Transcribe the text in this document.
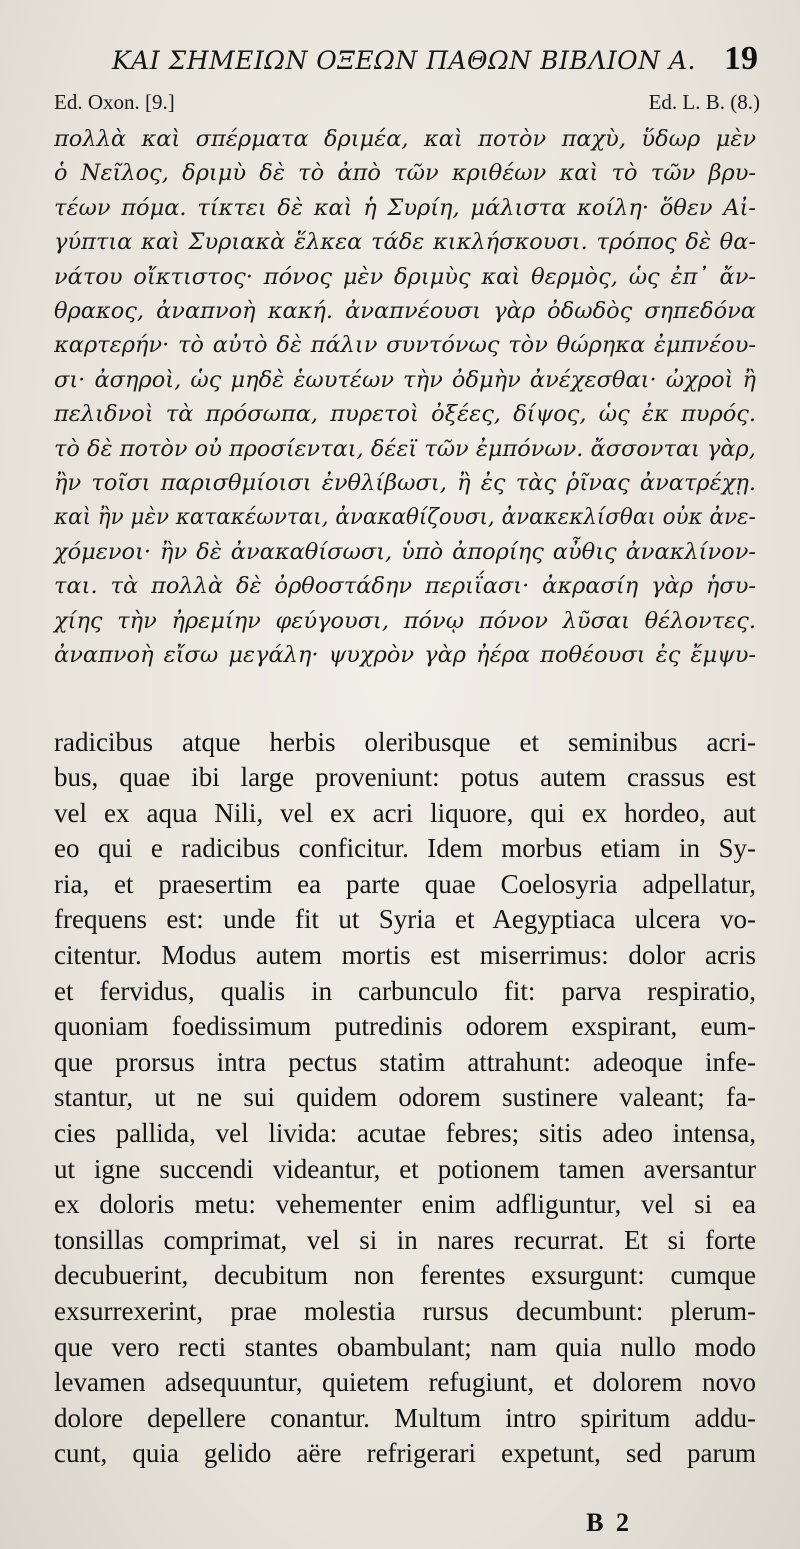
ΚΑΙ ΣΗΜΕΙΩΝ ΟΞΕΩΝ ΠΑΘΩΝ ΒΙΒΛΙΟΝ Α. 19
Ed. Oxon. [9.]	Ed. L. B. (8.)
πολλὰ καὶ σπέρματα δριμέα, καὶ ποτὸν παχὺ, ὕδωρ μὲν
ὁ Νεῖλος, δριμὺ δὲ τὸ ἀπὸ τῶν κριθέων καὶ τὸ τῶν βρυ-
τέων πόμα. τίκτει δὲ καὶ ἡ Συρίη, μάλιστα κοίλη· ὅθεν Αἰ-
γύπτια καὶ Συριακὰ ἕλκεα τάδε κικλήσκουσι. τρόπος δὲ θα-
νάτου οἴκτιστος· πόνος μὲν δριμὺς καὶ θερμὸς, ὡς ἐπ᾽ ἄν-
θρακος, ἀναπνοὴ κακή. ἀναπνέουσι γὰρ ὀδωδὸς σηπεδόνα
καρτερήν· τὸ αὐτὸ δὲ πάλιν συντόνως τὸν θώρηκα ἐμπνέου-
σι· ἀσηροὶ, ὡς μηδὲ ἑωυτέων τὴν ὀδμὴν ἀνέχεσθαι· ὠχροὶ ἢ
πελιδνοὶ τὰ πρόσωπα, πυρετοὶ ὀξέες, δίψος, ὡς ἐκ πυρός.
τὸ δὲ ποτὸν οὐ προσίενται, δέεϊ τῶν ἐμπόνων. ἄσσονται γὰρ,
ἢν τοῖσι παρισθμίοισι ἐνθλίβωσι, ἢ ἐς τὰς ῥῖνας ἀνατρέχῃ.
καὶ ἢν μὲν κατακέωνται, ἀνακαθίζουσι, ἀνακεκλίσθαι οὐκ ἀνε-
χόμενοι· ἢν δὲ ἀνακαθίσωσι, ὑπὸ ἀπορίης αὖθις ἀνακλίνον-
ται. τὰ πολλὰ δὲ ὀρθοστάδην περιΐασι· ἀκρασίη γὰρ ἡσυ-
χίης τὴν ἠρεμίην φεύγουσι, πόνῳ πόνον λῦσαι θέλοντες.
ἀναπνοὴ εἴσω μεγάλη· ψυχρὸν γὰρ ἠέρα ποθέουσι ἐς ἔμψυ-
radicibus atque herbis oleribusque et seminibus acri-
bus, quae ibi large proveniunt: potus autem crassus est
vel ex aqua Nili, vel ex acri liquore, qui ex hordeo, aut
eo qui e radicibus conficitur. Idem morbus etiam in Sy-
ria, et praesertim ea parte quae Coelosyria adpellatur,
frequens est: unde fit ut Syria et Aegyptiaca ulcera vo-
citentur. Modus autem mortis est miserrimus: dolor acris
et fervidus, qualis in carbunculo fit: parva respiratio,
quoniam foedissimum putredinis odorem exspirant, eum-
que prorsus intra pectus statim attrahunt: adeoque infe-
stantur, ut ne sui quidem odorem sustinere valeant; fa-
cies pallida, vel livida: acutae febres; sitis adeo intensa,
ut igne succendi videantur, et potionem tamen aversantur
ex doloris metu: vehementer enim adfliguntur, vel si ea
tonsillas comprimat, vel si in nares recurrat. Et si forte
decubuerint, decubitum non ferentes exsurgunt: cumque
exsurrexerint, prae molestia rursus decumbunt: plerum-
que vero recti stantes obambulant; nam quia nullo modo
levamen adsequuntur, quietem refugiunt, et dolorem novo
dolore depellere conantur. Multum intro spiritum addu-
cunt, quia gelido aëre refrigerari expetunt, sed parum
B 2
